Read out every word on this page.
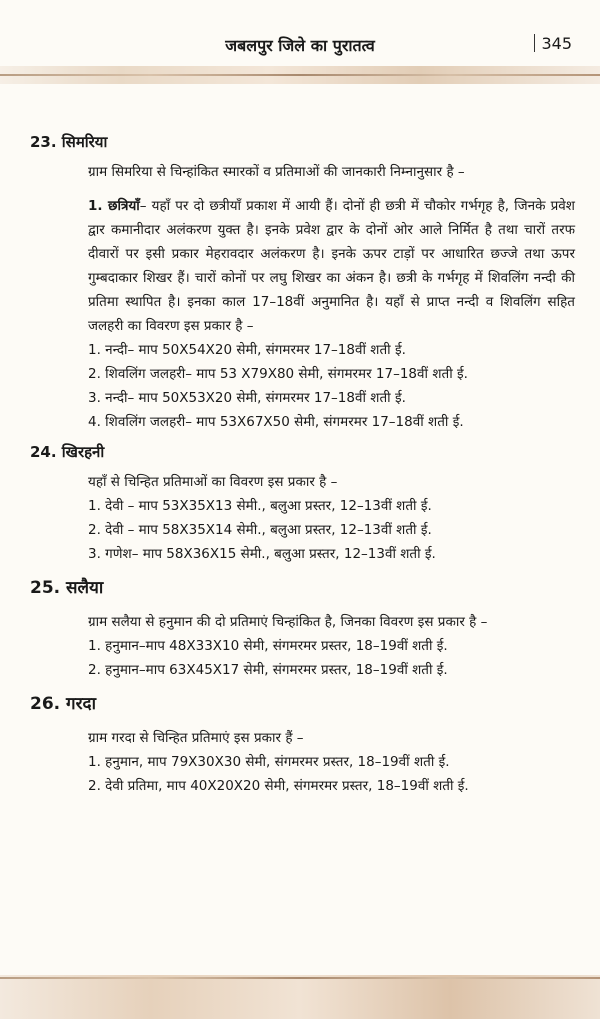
जबलपुर जिले का पुरातत्व	345
23. सिमरिया
ग्राम सिमरिया से चिन्हांकित स्मारकों व प्रतिमाओं की जानकारी निम्नानुसार है –
1. छत्रियाँ– यहाँ पर दो छत्रीयाँ प्रकाश में आयी हैं। दोनों ही छत्री में चौकोर गर्भगृह है, जिनके प्रवेश द्वार कमानीदार अलंकरण युक्त है। इनके प्रवेश द्वार के दोनों ओर आले निर्मित है तथा चारों तरफ दीवारों पर इसी प्रकार मेहरावदार अलंकरण है। इनके ऊपर टाड़ों पर आधारित छज्जे तथा ऊपर गुम्बदाकार शिखर हैं। चारों कोनों पर लघु शिखर का अंकन है। छत्री के गर्भगृह में शिवलिंग नन्दी की प्रतिमा स्थापित है। इनका काल 17–18वीं अनुमानित है। यहाँ से प्राप्त नन्दी व शिवलिंग सहित जलहरी का विवरण इस प्रकार है –
1. नन्दी– माप 50X54X20 सेमी, संगमरमर 17–18वीं शती ई.
2. शिवलिंग जलहरी– माप 53 X79X80 सेमी, संगमरमर 17–18वीं शती ई.
3. नन्दी– माप 50X53X20 सेमी, संगमरमर 17–18वीं शती ई.
4. शिवलिंग जलहरी– माप 53X67X50 सेमी, संगमरमर 17–18वीं शती ई.
24. खिरहनी
यहाँ से चिन्हित प्रतिमाओं का विवरण इस प्रकार है –
1. देवी – माप 53X35X13 सेमी., बलुआ प्रस्तर, 12–13वीं शती ई.
2. देवी – माप 58X35X14 सेमी., बलुआ प्रस्तर, 12–13वीं शती ई.
3. गणेश– माप 58X36X15 सेमी., बलुआ प्रस्तर, 12–13वीं शती ई.
25. सलैया
ग्राम सलैया से हनुमान की दो प्रतिमाएं चिन्हांकित है, जिनका विवरण इस प्रकार है –
1. हनुमान–माप 48X33X10 सेमी, संगमरमर प्रस्तर, 18–19वीं शती ई.
2. हनुमान–माप 63X45X17 सेमी, संगमरमर प्रस्तर, 18–19वीं शती ई.
26. गरदा
ग्राम गरदा से चिन्हित प्रतिमाएं इस प्रकार हैं –
1. हनुमान, माप 79X30X30 सेमी, संगमरमर प्रस्तर, 18–19वीं शती ई.
2. देवी प्रतिमा, माप 40X20X20 सेमी, संगमरमर प्रस्तर, 18–19वीं शती ई.
